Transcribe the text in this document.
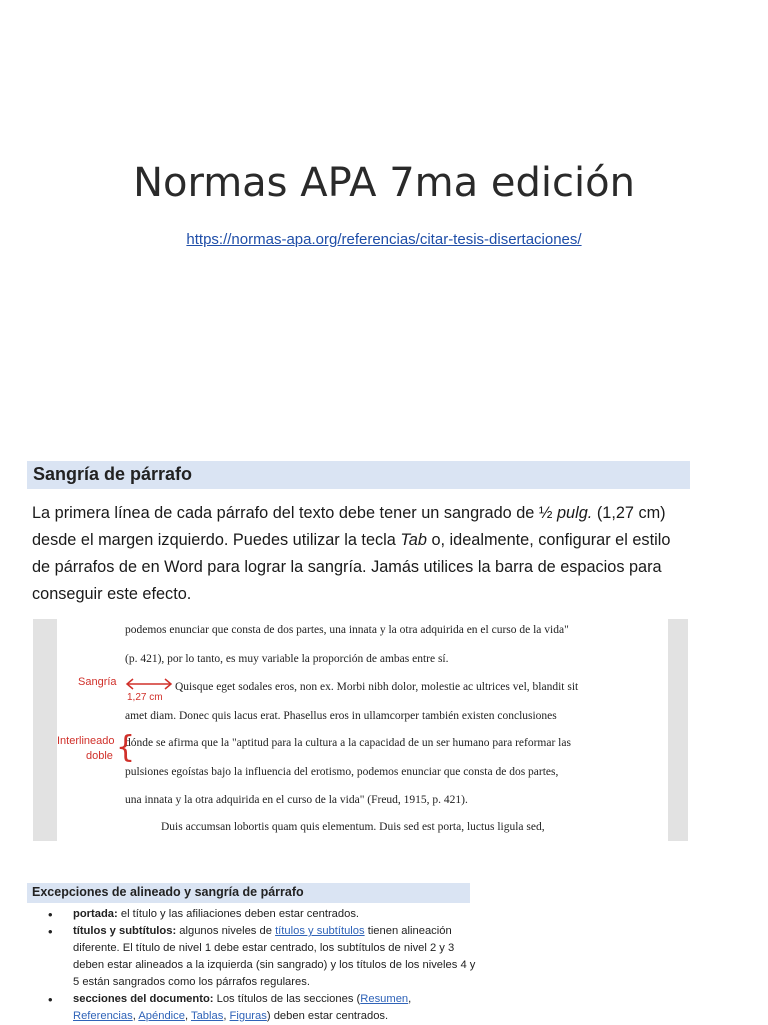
Normas APA 7ma edición
https://normas-apa.org/referencias/citar-tesis-disertaciones/
Sangría de párrafo
La primera línea de cada párrafo del texto debe tener un sangrado de ½ pulg. (1,27 cm) desde el margen izquierdo. Puedes utilizar la tecla Tab o, idealmente, configurar el estilo de párrafos de en Word para lograr la sangría. Jamás utilices la barra de espacios para conseguir este efecto.
podemos enunciar que consta de dos partes, una innata y la otra adquirida en el curso de la vida"
(p. 421), por lo tanto, es muy variable la proporción de ambas entre sí.
Quisque eget sodales eros, non ex. Morbi nibh dolor, molestie ac ultrices vel, blandit sit
amet diam. Donec quis lacus erat. Phasellus eros in ullamcorper también existen conclusiones
dónde se afirma que la "aptitud para la cultura a la capacidad de un ser humano para reformar las
pulsiones egoístas bajo la influencia del erotismo, podemos enunciar que consta de dos partes,
una innata y la otra adquirida en el curso de la vida" (Freud, 1915, p. 421).
Duis accumsan lobortis quam quis elementum. Duis sed est porta, luctus ligula sed,
Sangría
1,27 cm
Interlineado
doble {
Excepciones de alineado y sangría de párrafo
• portada: el título y las afiliaciones deben estar centrados.
• títulos y subtítulos: algunos niveles de títulos y subtítulos tienen alineación diferente. El título de nivel 1 debe estar centrado, los subtítulos de nivel 2 y 3 deben estar alineados a la izquierda (sin sangrado) y los títulos de los niveles 4 y 5 están sangrados como los párrafos regulares.
• secciones del documento: Los títulos de las secciones (Resumen, Referencias, Apéndice, Tablas, Figuras) deben estar centrados.
